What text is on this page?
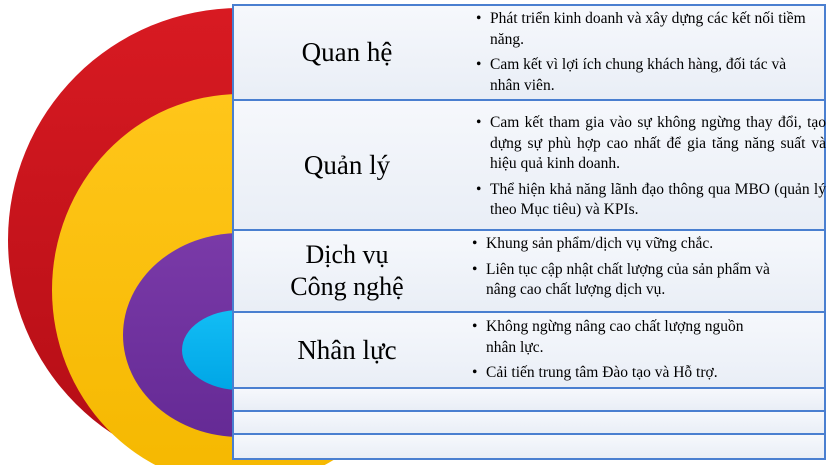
Quan hệ
• Phát triển kinh doanh và xây dựng các kết nối tiềm năng.
• Cam kết vì lợi ích chung khách hàng, đối tác và nhân viên.
Quản lý
• Cam kết tham gia vào sự không ngừng thay đổi, tạo dựng sự phù hợp cao nhất để gia tăng năng suất và hiệu quả kinh doanh.
• Thể hiện khả năng lãnh đạo thông qua MBO (quản lý theo Mục tiêu) và KPIs.
Dịch vụ
Công nghệ
• Khung sản phẩm/dịch vụ vững chắc.
• Liên tục cập nhật chất lượng của sản phẩm và nâng cao chất lượng dịch vụ.
Nhân lực
• Không ngừng nâng cao chất lượng nguồn nhân lực.
• Cải tiến trung tâm Đào tạo và Hỗ trợ.
